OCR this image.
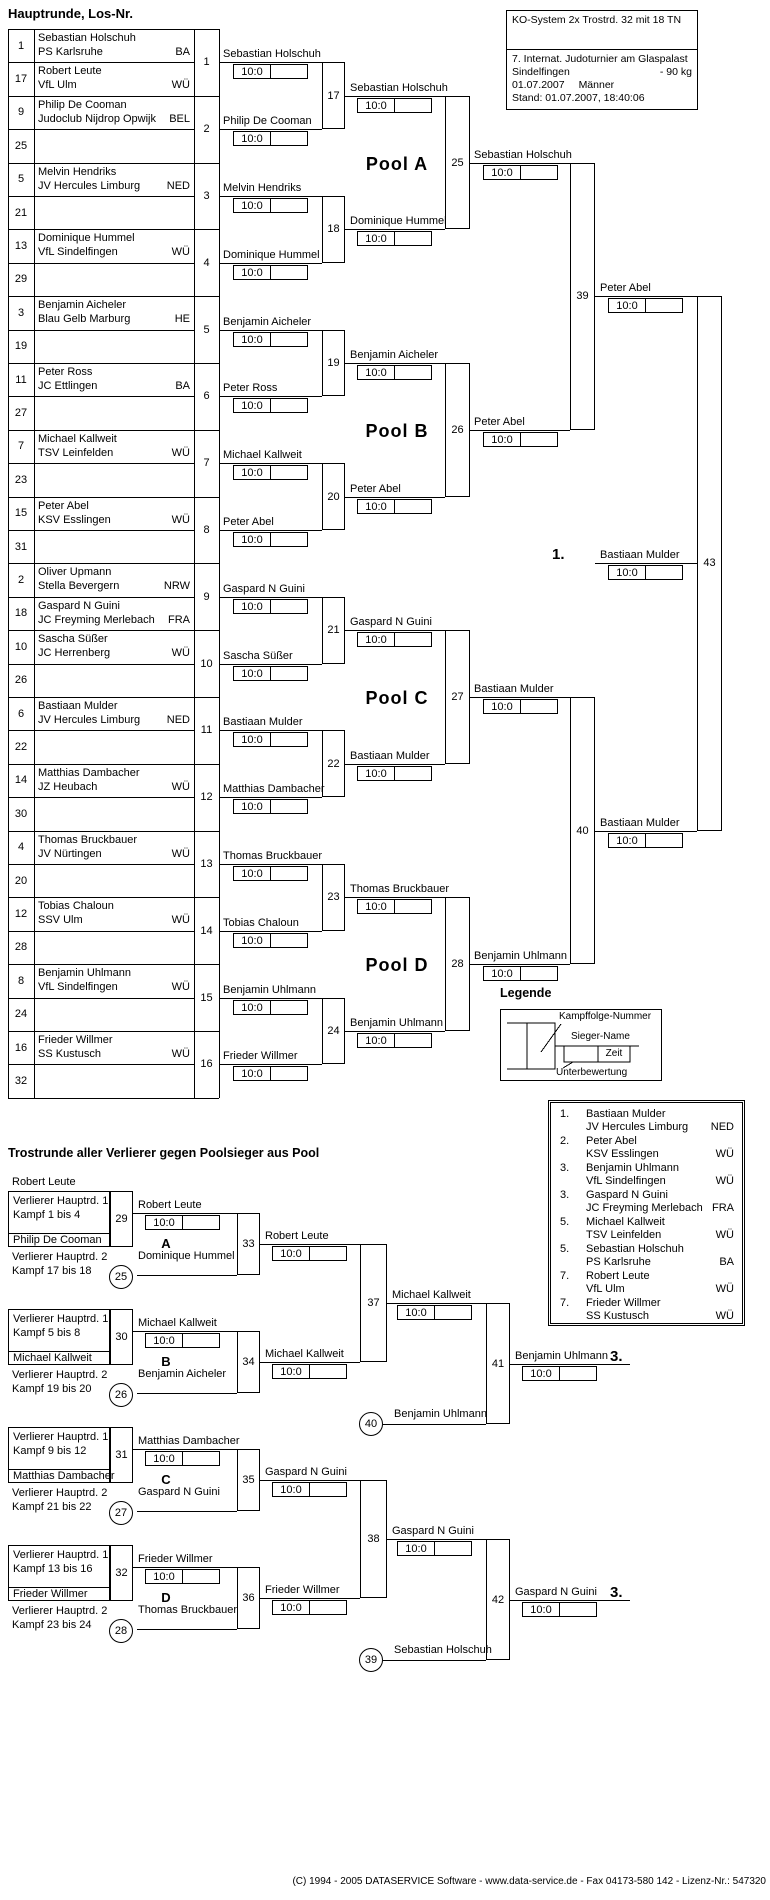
Hauptrunde, Los-Nr.	KO-System 2x Trostrd. 32 mit 18 TN
7. Internat. Judoturnier am Glaspalast
Sindelfingen	- 90 kg
01.07.2007 Männer
Stand: 01.07.2007, 18:40:06
Legende
Kampffolge-Nummer
Sieger-Name
Zeit
Unterbewertung
Trostrunde aller Verlierer gegen Poolsieger aus Pool
(C) 1994 - 2005 DATASERVICE Software - www.data-service.de - Fax 04173-580 142 - Lizenz-Nr.: 547320
1
Sebastian Holschuh
PS Karlsruhe	BA
17
Robert Leute
VfL Ulm	WÜ
9
Philip De Cooman
Judoclub Nijdrop Opwijk	BEL
25
5
Melvin Hendriks
JV Hercules Limburg	NED
21
13
Dominique Hummel
VfL Sindelfingen	WÜ
29
3
Benjamin Aicheler
Blau Gelb Marburg	HE
19
11
Peter Ross
JC Ettlingen	BA
27
7
Michael Kallweit
TSV Leinfelden	WÜ
23
15
Peter Abel
KSV Esslingen	WÜ
31
2
Oliver Upmann
Stella Bevergern	NRW
18
Gaspard N Guini
JC Freyming Merlebach	FRA
10
Sascha Süßer
JC Herrenberg	WÜ
26
6
Bastiaan Mulder
JV Hercules Limburg	NED
22
14
Matthias Dambacher
JZ Heubach	WÜ
30
4
Thomas Bruckbauer
JV Nürtingen	WÜ
20
12
Tobias Chaloun
SSV Ulm	WÜ
28
8
Benjamin Uhlmann
VfL Sindelfingen	WÜ
24
16
Frieder Willmer
SS Kustusch	WÜ
32
1
Sebastian Holschuh
10:0
2
Philip De Cooman
10:0
3
Melvin Hendriks
10:0
4
Dominique Hummel
10:0
5
Benjamin Aicheler
10:0
6
Peter Ross
10:0
7
Michael Kallweit
10:0
8
Peter Abel
10:0
9
Gaspard N Guini
10:0
10
Sascha Süßer
10:0
11
Bastiaan Mulder
10:0
12
Matthias Dambacher
10:0
13
Thomas Bruckbauer
10:0
14
Tobias Chaloun
10:0
15
Benjamin Uhlmann
10:0
16
Frieder Willmer
10:0
17
Sebastian Holschuh
10:0
18
Dominique Hummel
10:0
19
Benjamin Aicheler
10:0
20
Peter Abel
10:0
21
Gaspard N Guini
10:0
22
Bastiaan Mulder
10:0
23
Thomas Bruckbauer
10:0
24
Benjamin Uhlmann
10:0
25
Sebastian Holschuh
10:0
Pool A
26
Peter Abel
10:0
Pool B
27
Bastiaan Mulder
10:0
Pool C
28
Benjamin Uhlmann
10:0
Pool D
39
Peter Abel
10:0
40
Bastiaan Mulder
10:0
43
Bastiaan Mulder
10:0
1.
1.	Bastiaan Mulder
JV Hercules Limburg	NED
2.	Peter Abel
KSV Esslingen	WÜ
3.	Benjamin Uhlmann
VfL Sindelfingen	WÜ
3.	Gaspard N Guini
JC Freyming Merlebach FRA
5.	Michael Kallweit
TSV Leinfelden	WÜ
5.	Sebastian Holschuh
PS Karlsruhe	BA
7.	Robert Leute
VfL Ulm	WÜ
7.	Frieder Willmer
SS Kustusch	WÜ
Robert Leute
29
Verlierer Hauptrd. 1
Kampf 1 bis 4
Philip De Cooman
Verlierer Hauptrd. 2
Kampf 17 bis 18	25
Robert Leute
10:0
A
Dominique Hummel
33
Robert Leute
10:0
30
Verlierer Hauptrd. 1
Kampf 5 bis 8
Michael Kallweit
Verlierer Hauptrd. 2
Kampf 19 bis 20	26
Michael Kallweit
10:0
B
Benjamin Aicheler
34
Michael Kallweit
10:0
31
Verlierer Hauptrd. 1
Kampf 9 bis 12
Matthias Dambacher
Verlierer Hauptrd. 2
Kampf 21 bis 22	27
Matthias Dambacher
10:0
C
Gaspard N Guini
35
Gaspard N Guini
10:0
32
Verlierer Hauptrd. 1
Kampf 13 bis 16
Frieder Willmer
Verlierer Hauptrd. 2
Kampf 23 bis 24	28
Frieder Willmer
10:0
D
Thomas Bruckbauer
36
Frieder Willmer
10:0
37
Michael Kallweit
10:0
38
Gaspard N Guini
10:0
41
Benjamin Uhlmann
10:0
3.
40
Benjamin Uhlmann
42
Gaspard N Guini
10:0
3.
39
Sebastian Holschuh
